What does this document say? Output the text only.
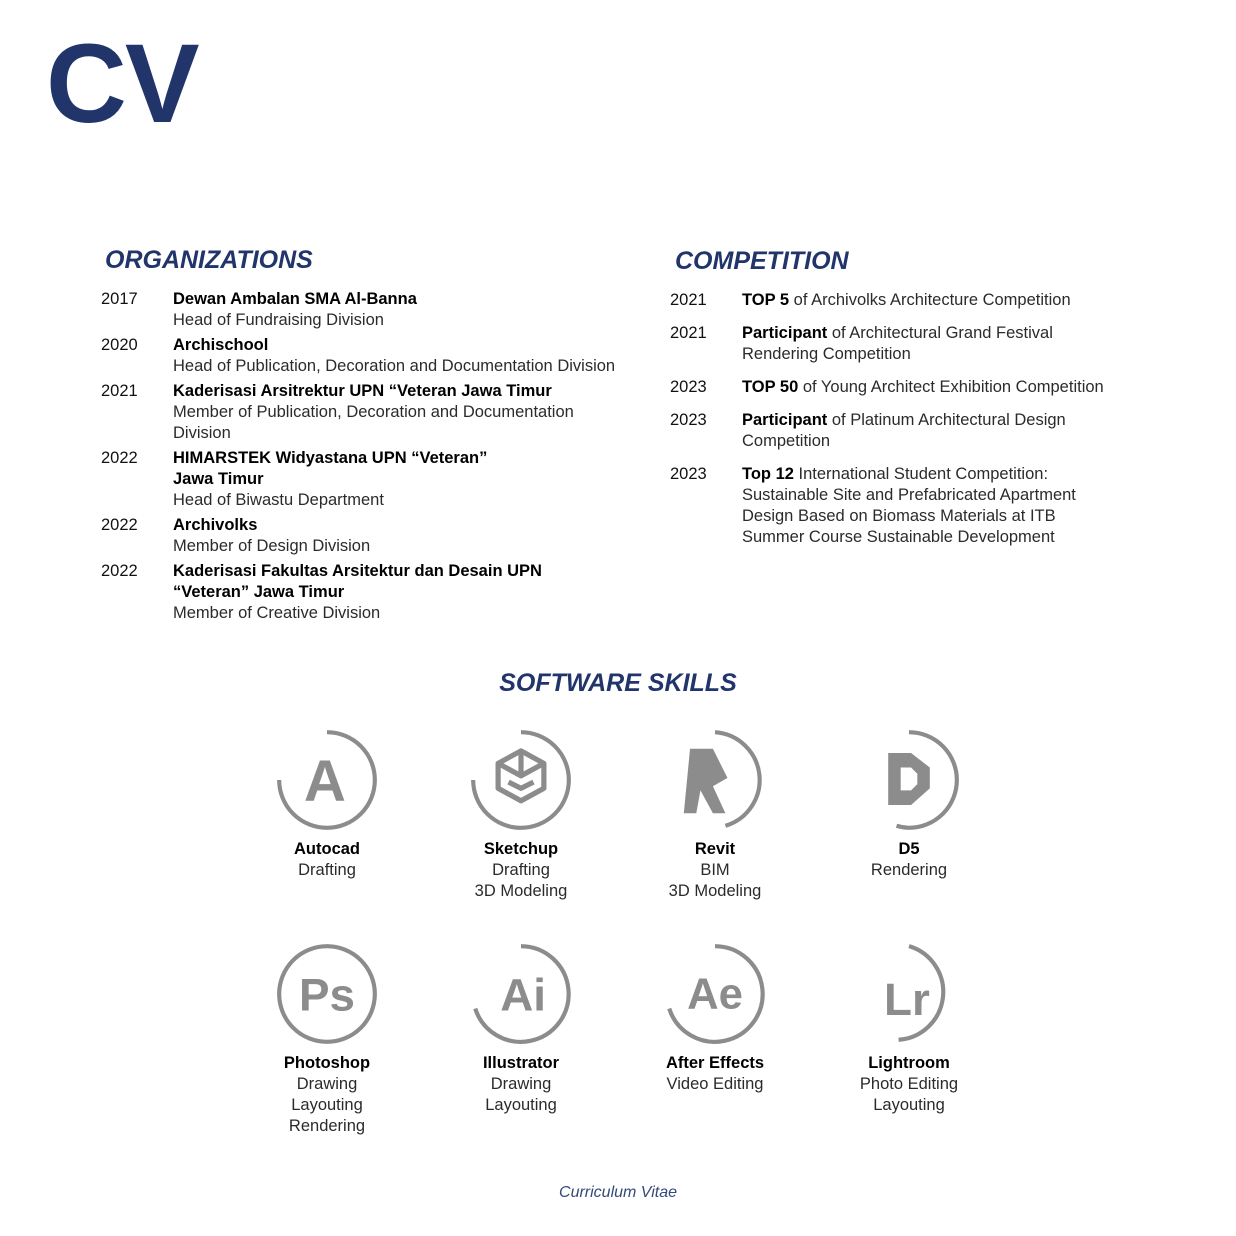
CV
ORGANIZATIONS	COMPETITION
2017	Dewan Ambalan SMA Al-Banna
Head of Fundraising Division
2020	Archischool
Head of Publication, Decoration and Documentation Division
2021	Kaderisasi Arsitrektur UPN “Veteran Jawa Timur
Member of Publication, Decoration and Documentation Division
2022	HIMARSTEK Widyastana UPN “Veteran” Jawa Timur
Head of Biwastu Department
2022	Archivolks
Member of Design Division
2022	Kaderisasi Fakultas Arsitektur dan Desain UPN “Veteran” Jawa Timur
Member of Creative Division
2021	TOP 5 of Archivolks Architecture Competition
2021	Participant of Architectural Grand Festival Rendering Competition
2023	TOP 50 of Young Architect Exhibition Competition
2023	Participant of Platinum Architectural Design Competition
2023	Top 12 International Student Competition: Sustainable Site and Prefabricated Apartment Design Based on Biomass Materials at ITB Summer Course Sustainable Development
SOFTWARE SKILLS
A
Autocad
Drafting
Sketchup
Drafting
3D Modeling
Revit
BIM
3D Modeling
D5
Rendering
Ps
Photoshop
Drawing
Layouting
Rendering
Ai
Illustrator
Drawing
Layouting
Ae
After Effects
Video Editing
Lr
Lightroom
Photo Editing
Layouting
Curriculum Vitae
